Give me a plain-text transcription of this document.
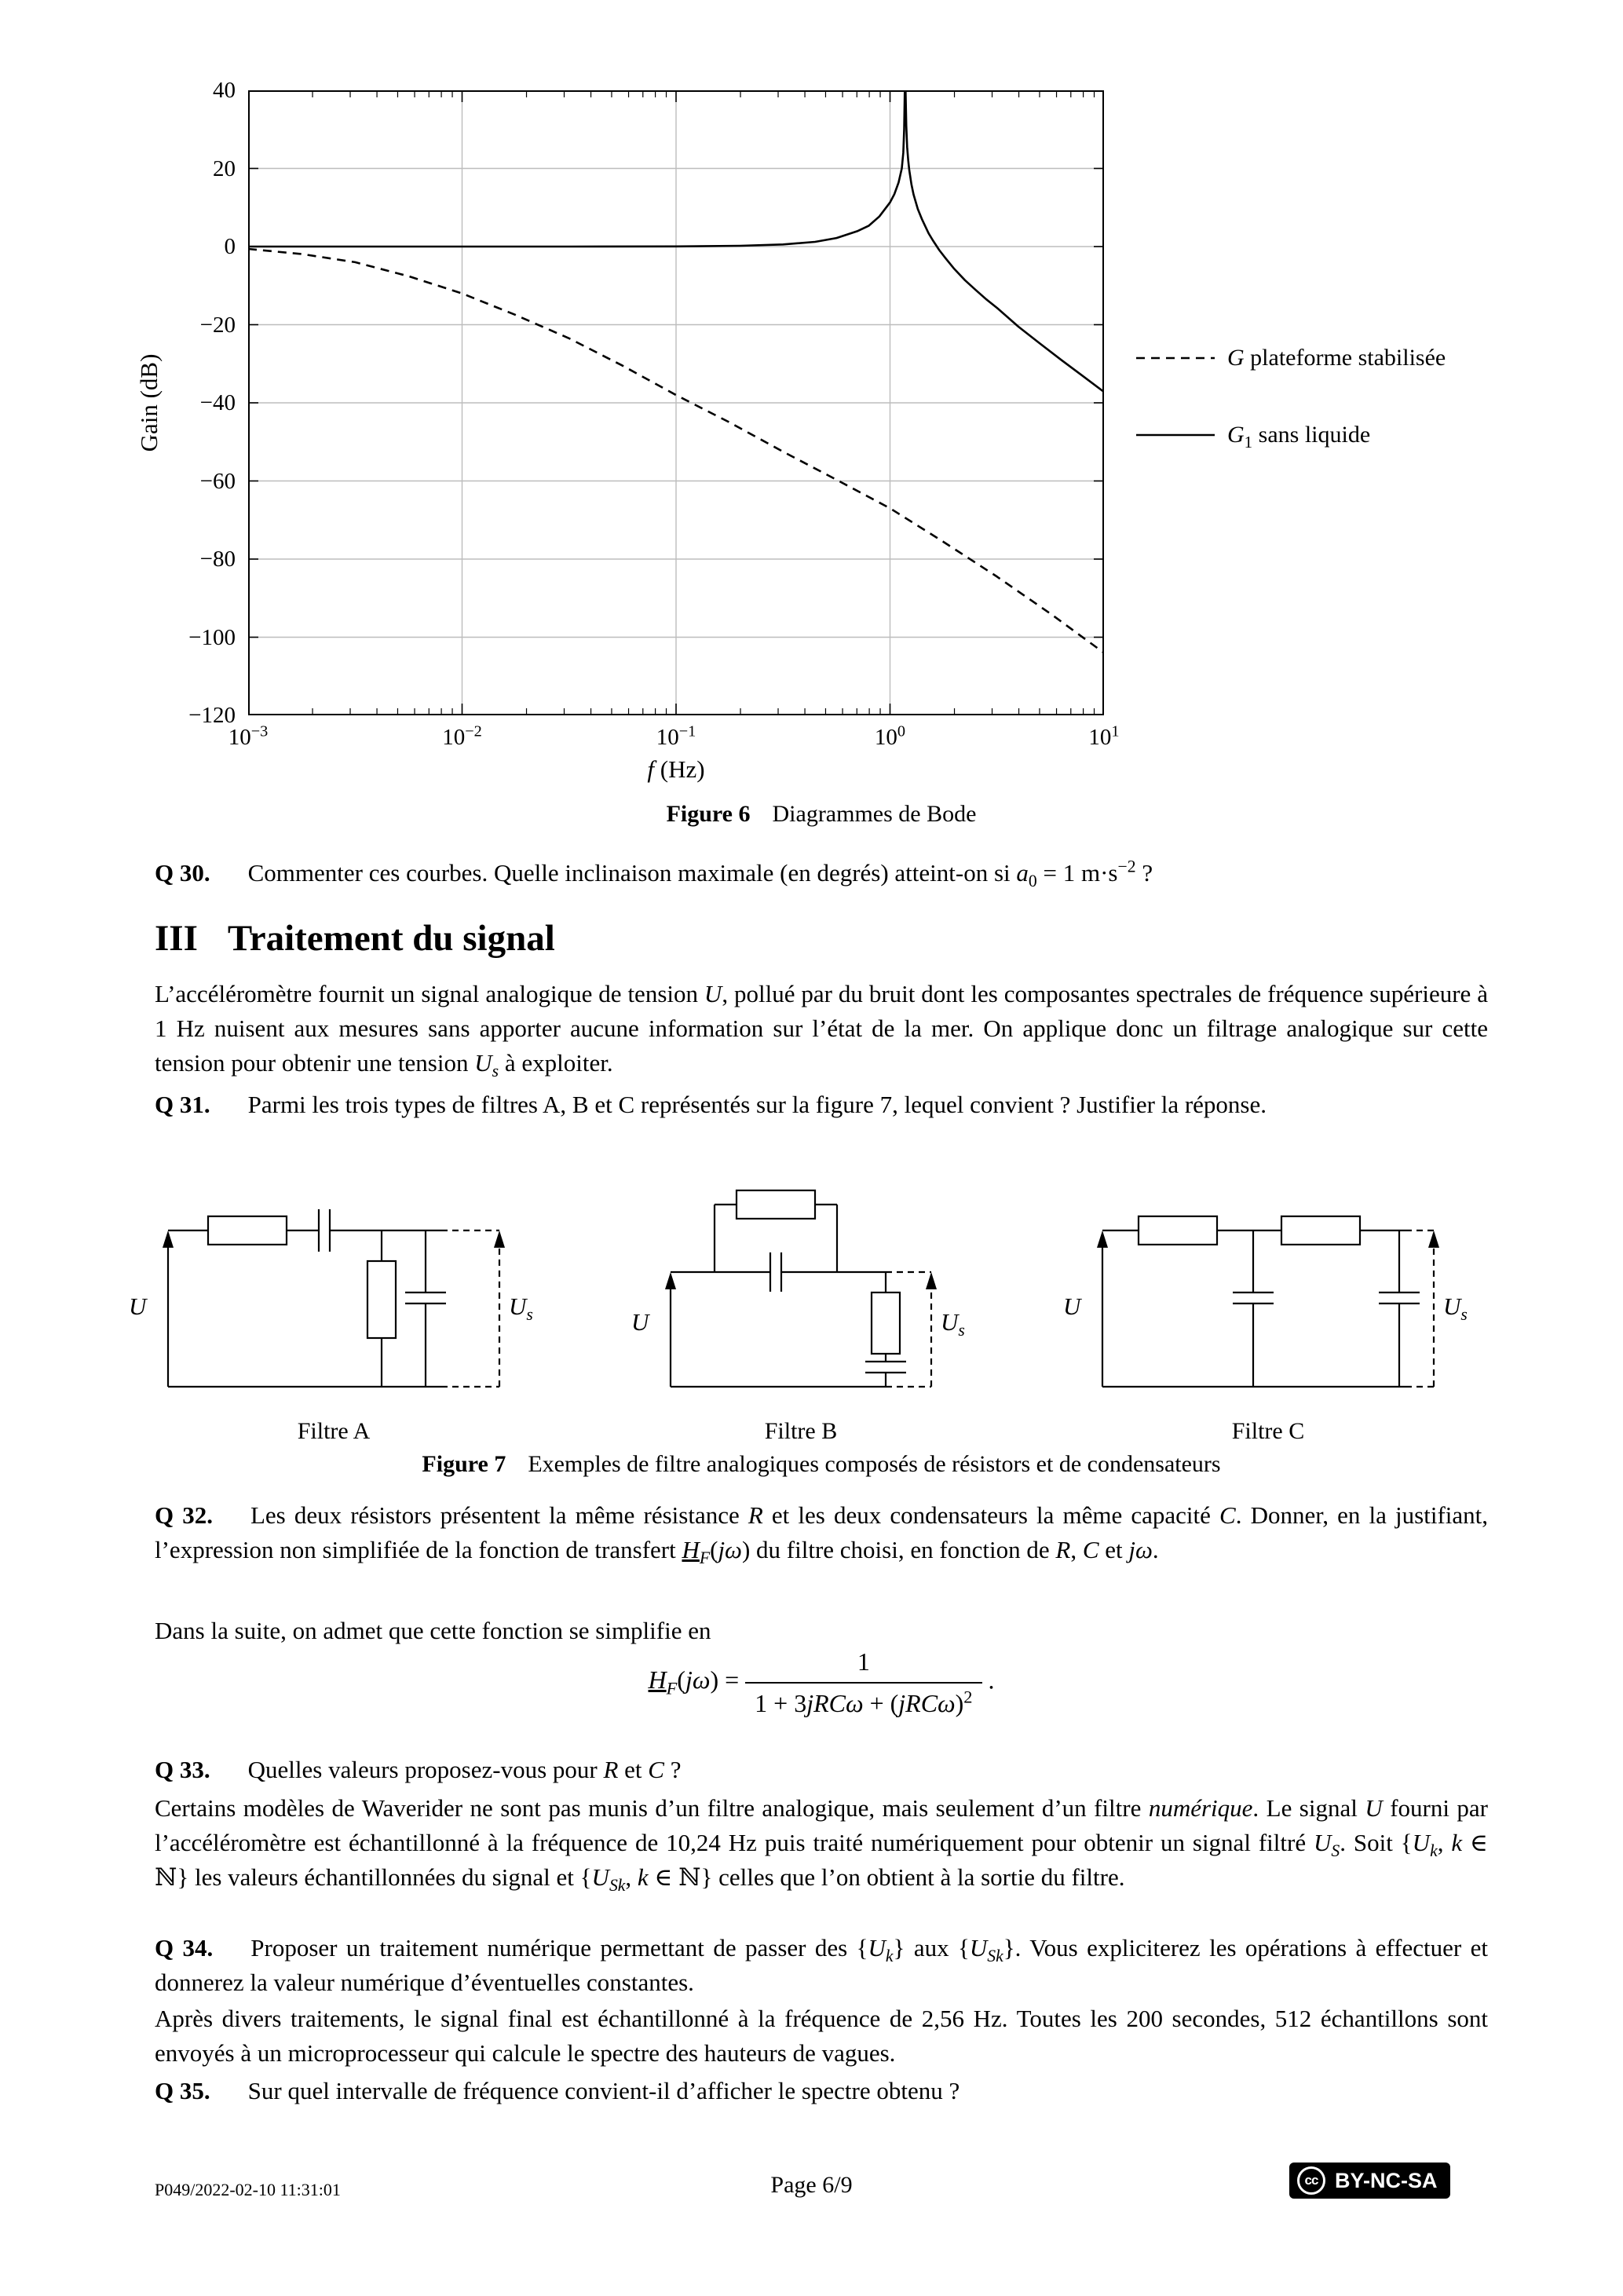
Gain (dB)
f (Hz)
G plateforme stabilisée
$G_1$ sans liquide
Figure 6 Diagrammes de Bode

Q 30. Commenter ces courbes. Quelle inclinaison maximale (en degrés) atteint-on si $a_0 = 1$ $m\cdot s^{-2}$ ?

III Traitement du signal

L’accéléromètre fournit un signal analogique de tension U, pollué par du bruit dont les composantes spectrales de fréquence supérieure à 1 Hz nuisent aux mesures sans apporter aucune information sur l’état de la mer. On applique donc un filtrage analogique sur cette tension pour obtenir une tension $U_s$ à exploiter.

Q 31. Parmi les trois types de filtres A, B et C représentés sur la figure 7, lequel convient ? Justifier la réponse.

U	$U_s$	U	$U_s$
U	$U_s$
Filtre A	Filtre B	Filtre C
Figure 7 Exemples de filtre analogiques composés de résistors et de condensateurs

Q 32. Les deux résistors présentent la même résistance R et les deux condensateurs la même capacité C. Donner, en la justifiant, l’expression non simplifiée de la fonction de transfert $H_F(j\omega)$ du filtre choisi, en fonction de R, C et jω.

Dans la suite, on admet que cette fonction se simplifie en

$H_F(j\omega) = \frac{1}{1 + 3jRC\omega + (jRC\omega)^2}$ .

Q 33. Quelles valeurs proposez-vous pour R et C ?

Certains modèles de Waverider ne sont pas munis d’un filtre analogique, mais seulement d’un filtre numérique. Le signal U fourni par l’accéléromètre est échantillonné à la fréquence de 10,24 Hz puis traité numériquement pour obtenir un signal filtré $U_S$. Soit {$U_k$, k ∈ ℕ} les valeurs échantillonnées du signal et {$U_{Sk}$, k ∈ ℕ} celles que l’on obtient à la sortie du filtre.

Q 34. Proposer un traitement numérique permettant de passer des $\{U_k\}$ aux $\{U_{Sk}\}$. Vous expliciterez les opérations à effectuer et donnerez la valeur numérique d’éventuelles constantes.

Après divers traitements, le signal final est échantillonné à la fréquence de 2,56 Hz. Toutes les 200 secondes, 512 échantillons sont envoyés à un microprocesseur qui calcule le spectre des hauteurs de vagues.

Q 35. Sur quel intervalle de fréquence convient-il d’afficher le spectre obtenu ?

P049/2022-02-10 11:31:01	Page 6/9	cc BY-NC-SA
40
20
0
−20
−40
−60
−80
−100
−120
$10^{-3}$	$10^{-2}$	$10^{-1}$	$10^0$	$10^1$
